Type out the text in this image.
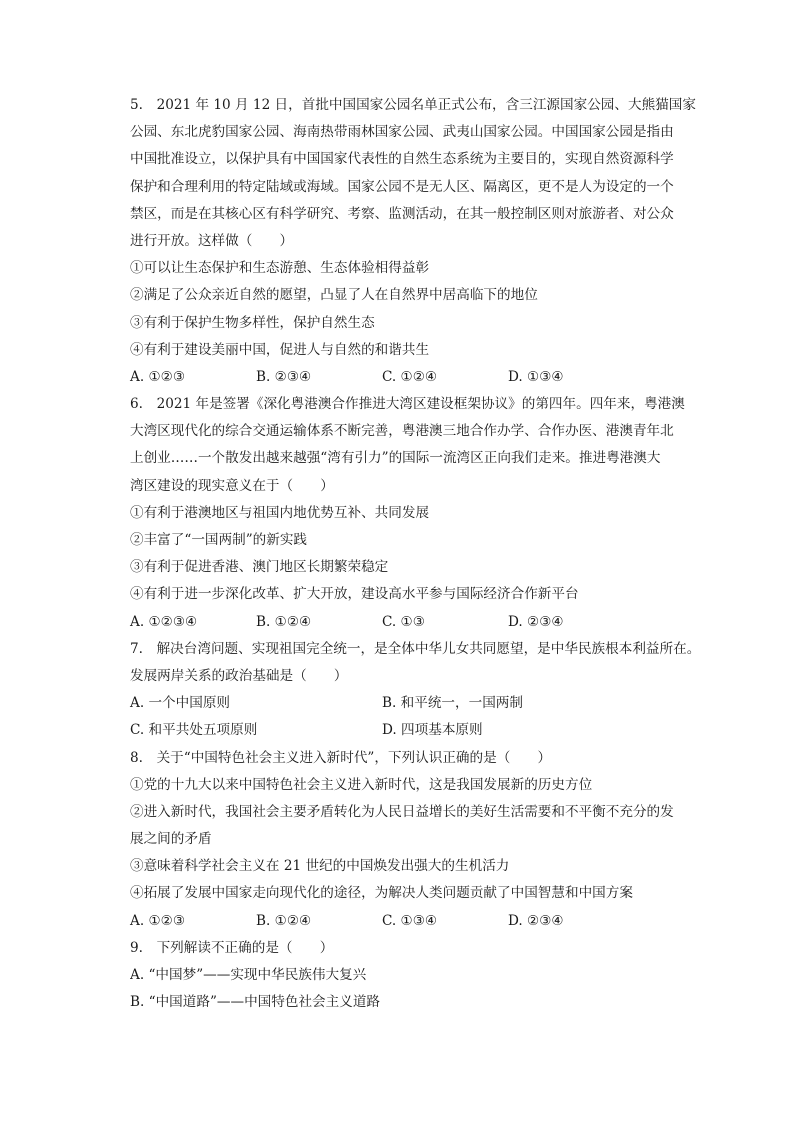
5.　2021 年 10 月 12 日，首批中国国家公园名单正式公布，含三江源国家公园、大熊猫国家
公园、东北虎豹国家公园、海南热带雨林国家公园、武夷山国家公园。中国国家公园是指由
中国批准设立，以保护具有中国国家代表性的自然生态系统为主要目的，实现自然资源科学
保护和合理利用的特定陆域或海域。国家公园不是无人区、隔离区，更不是人为设定的一个
禁区，而是在其核心区有科学研究、考察、监测活动，在其一般控制区则对旅游者、对公众
进行开放。这样做（　　）
①可以让生态保护和生态游憩、生态体验相得益彰
②满足了公众亲近自然的愿望，凸显了人在自然界中居高临下的地位
③有利于保护生物多样性，保护自然生态
④有利于建设美丽中国，促进人与自然的和谐共生
A. ①②③	B. ②③④	C. ①②④	D. ①③④
6.　2021 年是签署《深化粤港澳合作推进大湾区建设框架协议》的第四年。四年来，粤港澳
大湾区现代化的综合交通运输体系不断完善，粤港澳三地合作办学、合作办医、港澳青年北
上创业……一个散发出越来越强“湾有引力”的国际一流湾区正向我们走来。推进粤港澳大
湾区建设的现实意义在于（　　）
①有利于港澳地区与祖国内地优势互补、共同发展
②丰富了“一国两制”的新实践
③有利于促进香港、澳门地区长期繁荣稳定
④有利于进一步深化改革、扩大开放，建设高水平参与国际经济合作新平台
A. ①②③④	B. ①②④	C. ①③	D. ②③④
7.　解决台湾问题、实现祖国完全统一，是全体中华儿女共同愿望，是中华民族根本利益所在。
发展两岸关系的政治基础是（　　）
A. 一个中国原则	B. 和平统一，一国两制
C. 和平共处五项原则	D. 四项基本原则
8.　关于“中国特色社会主义进入新时代”，下列认识正确的是（　　）
①党的十九大以来中国特色社会主义进入新时代，这是我国发展新的历史方位
②进入新时代，我国社会主要矛盾转化为人民日益增长的美好生活需要和不平衡不充分的发
展之间的矛盾
③意味着科学社会主义在 21 世纪的中国焕发出强大的生机活力
④拓展了发展中国家走向现代化的途径，为解决人类问题贡献了中国智慧和中国方案
A. ①②③	B. ①②④	C. ①③④	D. ②③④
9.　下列解读不正确的是（　　）
A. “中国梦”——实现中华民族伟大复兴
B. “中国道路”——中国特色社会主义道路
